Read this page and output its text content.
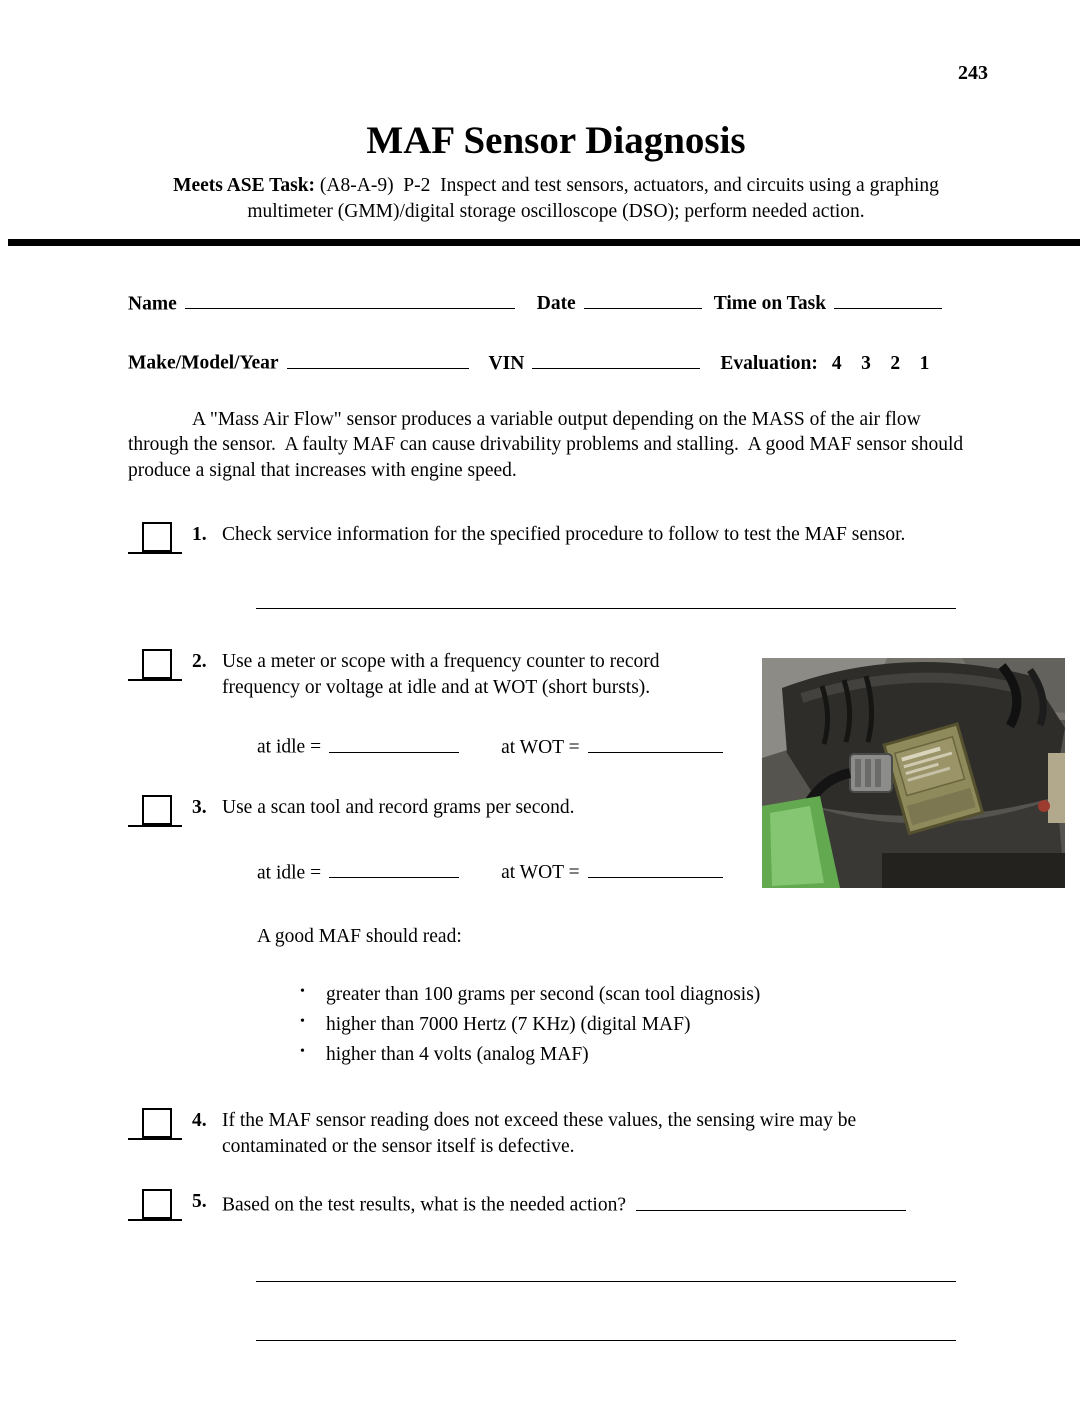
243
MAF Sensor Diagnosis

Meets ASE Task: (A8-A-9)  P-2  Inspect and test sensors, actuators, and circuits using a graphing multimeter (GMM)/digital storage oscilloscope (DSO); perform needed action.

Name	Date	Time on Task
Make/Model/Year	VIN	Evaluation: 4    3    2    1

A "Mass Air Flow" sensor produces a variable output depending on the MASS of the air flow through the sensor.  A faulty MAF can cause drivability problems and stalling.  A good MAF sensor should produce a signal that increases with engine speed.

1. Check service information for the specified procedure to follow to test the MAF sensor.
2. Use a meter or scope with a frequency counter to record frequency or voltage at idle and at WOT (short bursts).
at idle =	at WOT =
3. Use a scan tool and record grams per second.
at idle =	at WOT =
A good MAF should read:
• greater than 100 grams per second (scan tool diagnosis)
• higher than 7000 Hertz (7 KHz) (digital MAF)
• higher than 4 volts (analog MAF)
4. If the MAF sensor reading does not exceed these values, the sensing wire may be contaminated or the sensor itself is defective.
5. Based on the test results, what is the needed action?
